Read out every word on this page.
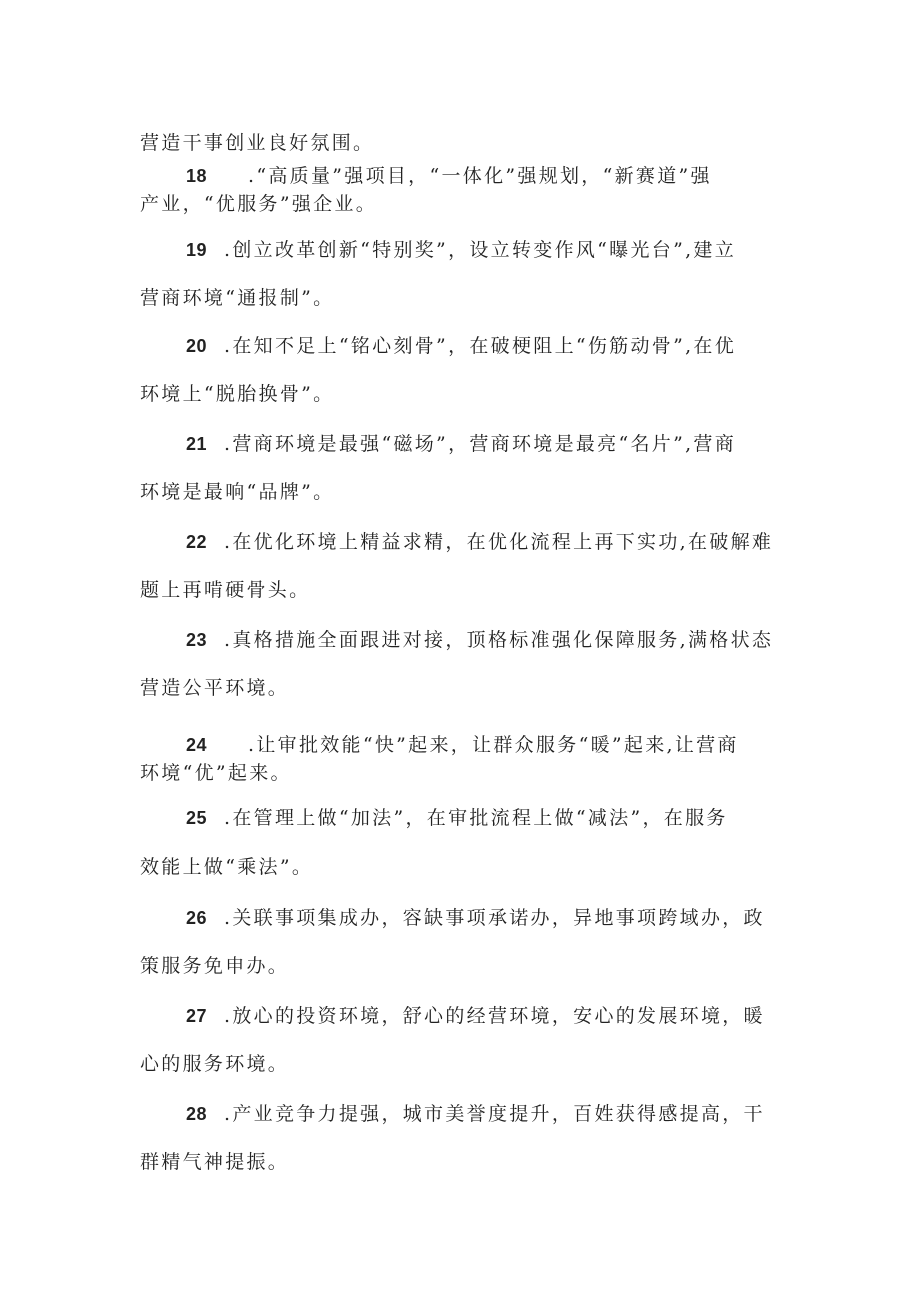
营造干事创业良好氛围。

18 .“高质量”强项目，“一体化”强规划，“新赛道”强

产业，“优服务”强企业。

19 .创立改革创新“特别奖”，设立转变作风“曝光台”,建立

营商环境“通报制”。

20 .在知不足上“铭心刻骨”，在破梗阻上“伤筋动骨”,在优

环境上“脱胎换骨”。

21 .营商环境是最强“磁场”，营商环境是最亮“名片”,营商

环境是最响“品牌”。

22 .在优化环境上精益求精，在优化流程上再下实功,在破解难

题上再啃硬骨头。

23 .真格措施全面跟进对接，顶格标准强化保障服务,满格状态

营造公平环境。

24 .让审批效能“快”起来，让群众服务“暖”起来,让营商

环境“优”起来。

25 .在管理上做“加法”，在审批流程上做“减法”，在服务

效能上做“乘法”。

26 .关联事项集成办，容缺事项承诺办，异地事项跨域办，政

策服务免申办。

27 .放心的投资环境，舒心的经营环境，安心的发展环境，暖

心的服务环境。

28 .产业竞争力提强，城市美誉度提升，百姓获得感提高，干

群精气神提振。
